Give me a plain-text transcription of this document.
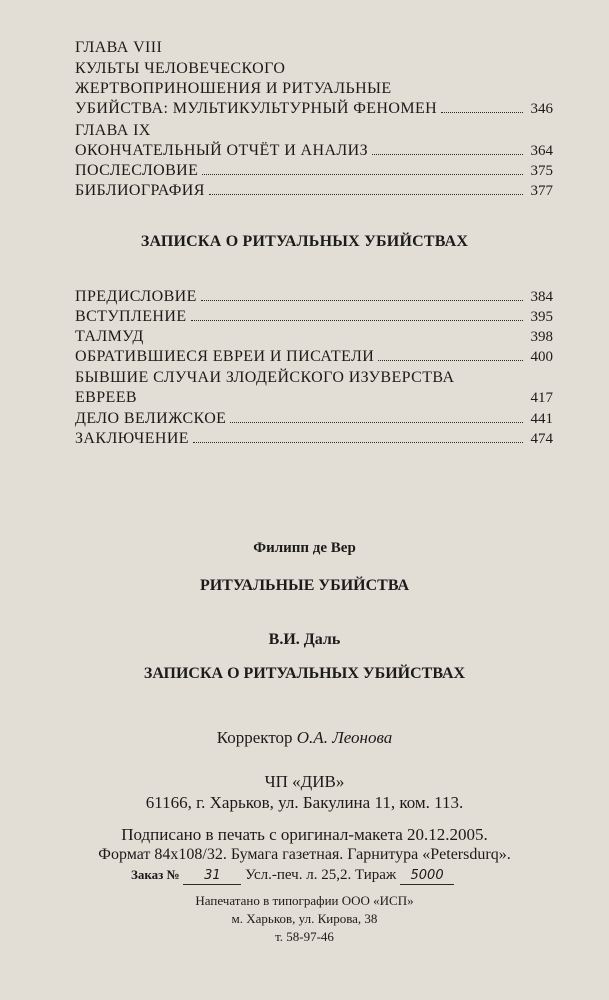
ГЛАВА VIII
КУЛЬТЫ ЧЕЛОВЕЧЕСКОГО
ЖЕРТВОПРИНОШЕНИЯ И РИТУАЛЬНЫЕ
УБИЙСТВА: МУЛЬТИКУЛЬТУРНЫЙ ФЕНОМЕН	346
ГЛАВА IX
ОКОНЧАТЕЛЬНЫЙ ОТЧЁТ И АНАЛИЗ	364
ПОСЛЕСЛОВИЕ	375
БИБЛИОГРАФИЯ	377
ЗАПИСКА О РИТУАЛЬНЫХ УБИЙСТВАХ
ПРЕДИСЛОВИЕ	384
ВСТУПЛЕНИЕ	395
ТАЛМУД	398
ОБРАТИВШИЕСЯ ЕВРЕИ И ПИСАТЕЛИ	400
БЫВШИЕ СЛУЧАИ ЗЛОДЕЙСКОГО ИЗУВЕРСТВА
ЕВРЕЕВ	417
ДЕЛО ВЕЛИЖСКОЕ	441
ЗАКЛЮЧЕНИЕ	474
Филипп де Вер
РИТУАЛЬНЫЕ УБИЙСТВА
В.И. Даль
ЗАПИСКА О РИТУАЛЬНЫХ УБИЙСТВАХ
Корректор О.А. Леонова
ЧП «ДИВ»
61166, г. Харьков, ул. Бакулина 11, ком. 113.
Подписано в печать с оригинал-макета 20.12.2005.
Формат 84х108/32. Бумага газетная. Гарнитура «Petersdurq».
Заказ № 31 Усл.-печ. л. 25,2. Тираж 5000
Напечатано в типографии ООО «ИСП»
м. Харьков, ул. Кирова, 38
т. 58-97-46
